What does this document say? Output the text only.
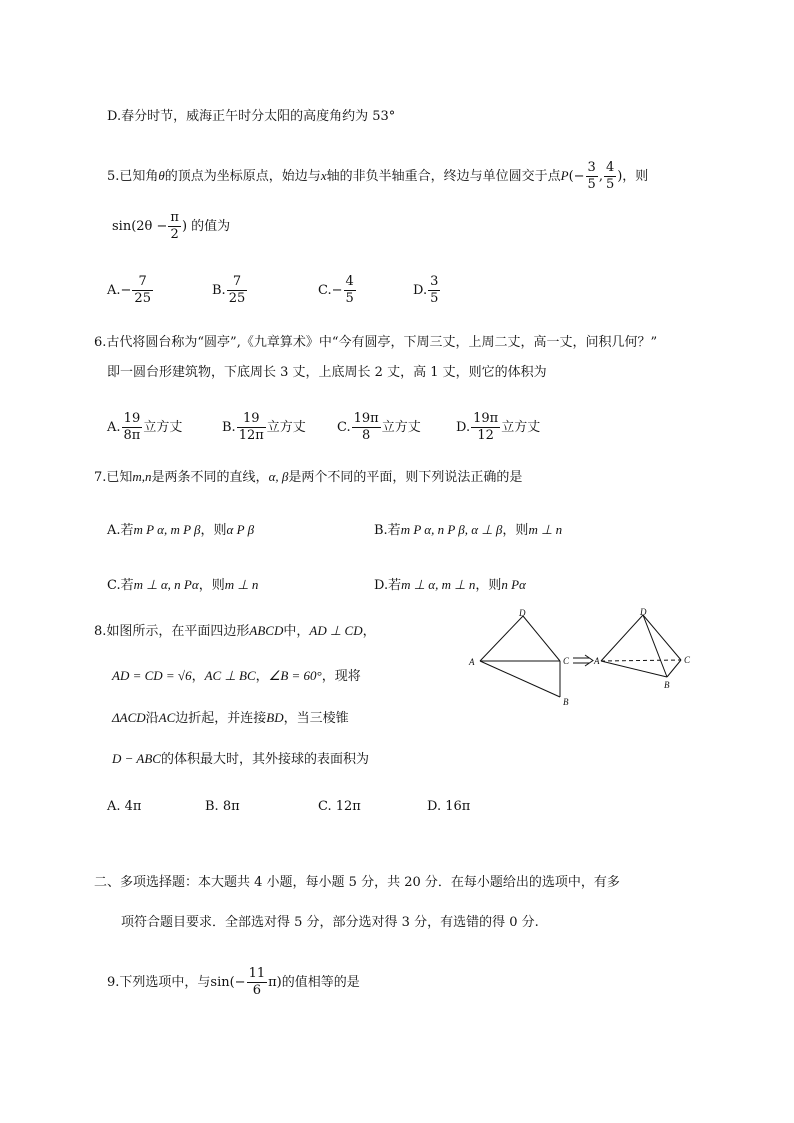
D.春分时节，威海正午时分太阳的高度角约为 53°
5.已知角θ的顶点为坐标原点，始边与x轴的非负半轴重合，终边与单位圆交于点$P(- \frac{3}{5}$ , $\frac{4}{5}$ )，则
$\sin(2\theta - \frac{\pi}{2}$ ) 的值为
$A.- \frac{7}{25}$	B. $\frac{7}{25}$	$C.- \frac{4}{5}$	D. $\frac{3}{5}$
6.古代将圆台称为“圆亭”,《九章算术》中“今有圆亭，下周三丈，上周二丈，高一丈，问积几何？”
即一圆台形建筑物，下底周长 3 丈，上底周长 2 丈，高 1 丈，则它的体积为
A. $\frac{19}{8\pi}$ 立方丈	B. $\frac{19}{12\pi}$ 立方丈 C. $\frac{19\pi}{8}$ 立方丈	D. $\frac{19\pi}{12}$ 立方丈
7.已知m,n是两条不同的直线，α, β是两个不同的平面，则下列说法正确的是
A.若m P α, m P β，则α P β	B.若m P α, n P β, α ⊥ β，则m ⊥ n
C.若m ⊥ α, n Pα，则m ⊥ n	D.若m ⊥ α, m ⊥ n，则n Pα
8.如图所示，在平面四边形ABCD中，AD ⊥ CD，
AD = CD = √6，AC ⊥ BC，∠B = 60°，现将
ΔACD沿AC边折起，并连接BD，当三棱锥
D − ABC的体积最大时，其外接球的表面积为
A. 4π	B. 8π	C. 12π	D. 16π
D
A	C
B
A
D
C
B
二、多项选择题：本大题共 4 小题，每小题 5 分，共 20 分．在每小题给出的选项中，有多
项符合题目要求．全部选对得 5 分，部分选对得 3 分，有选错的得 0 分.
9.下列选项中，与$\sin(- \frac{11}{6} \pi)$的值相等的是
